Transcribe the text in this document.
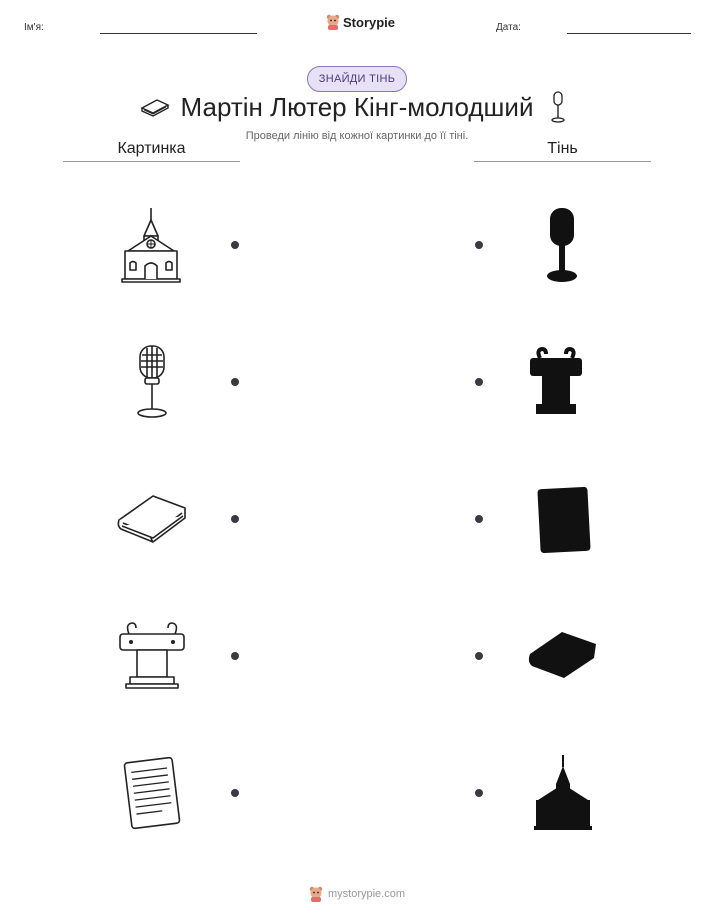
Ім'я:	Storypie	Дата:
ЗНАЙДИ ТІНЬ
Мартін Лютер Кінг-молодший
Проведи лінію від кожної картинки до її тіні.
Картинка	Тінь
mystorypie.com
